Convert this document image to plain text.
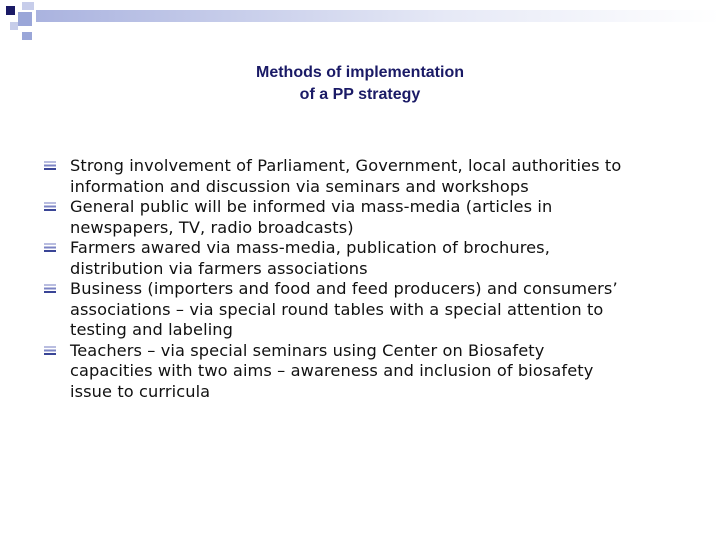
Methods of implementation
of a PP strategy
Strong involvement of Parliament, Government, local authorities to
information and discussion via seminars and workshops
General public will be informed via mass-media (articles in
newspapers, TV, radio broadcasts)
Farmers awared via mass-media, publication of brochures,
distribution via farmers associations
Business (importers and food and feed producers) and consumers’
associations – via special round tables with a special attention to
testing and labeling
Teachers – via special seminars using Center on Biosafety
capacities with two aims – awareness and inclusion of biosafety
issue to curricula
